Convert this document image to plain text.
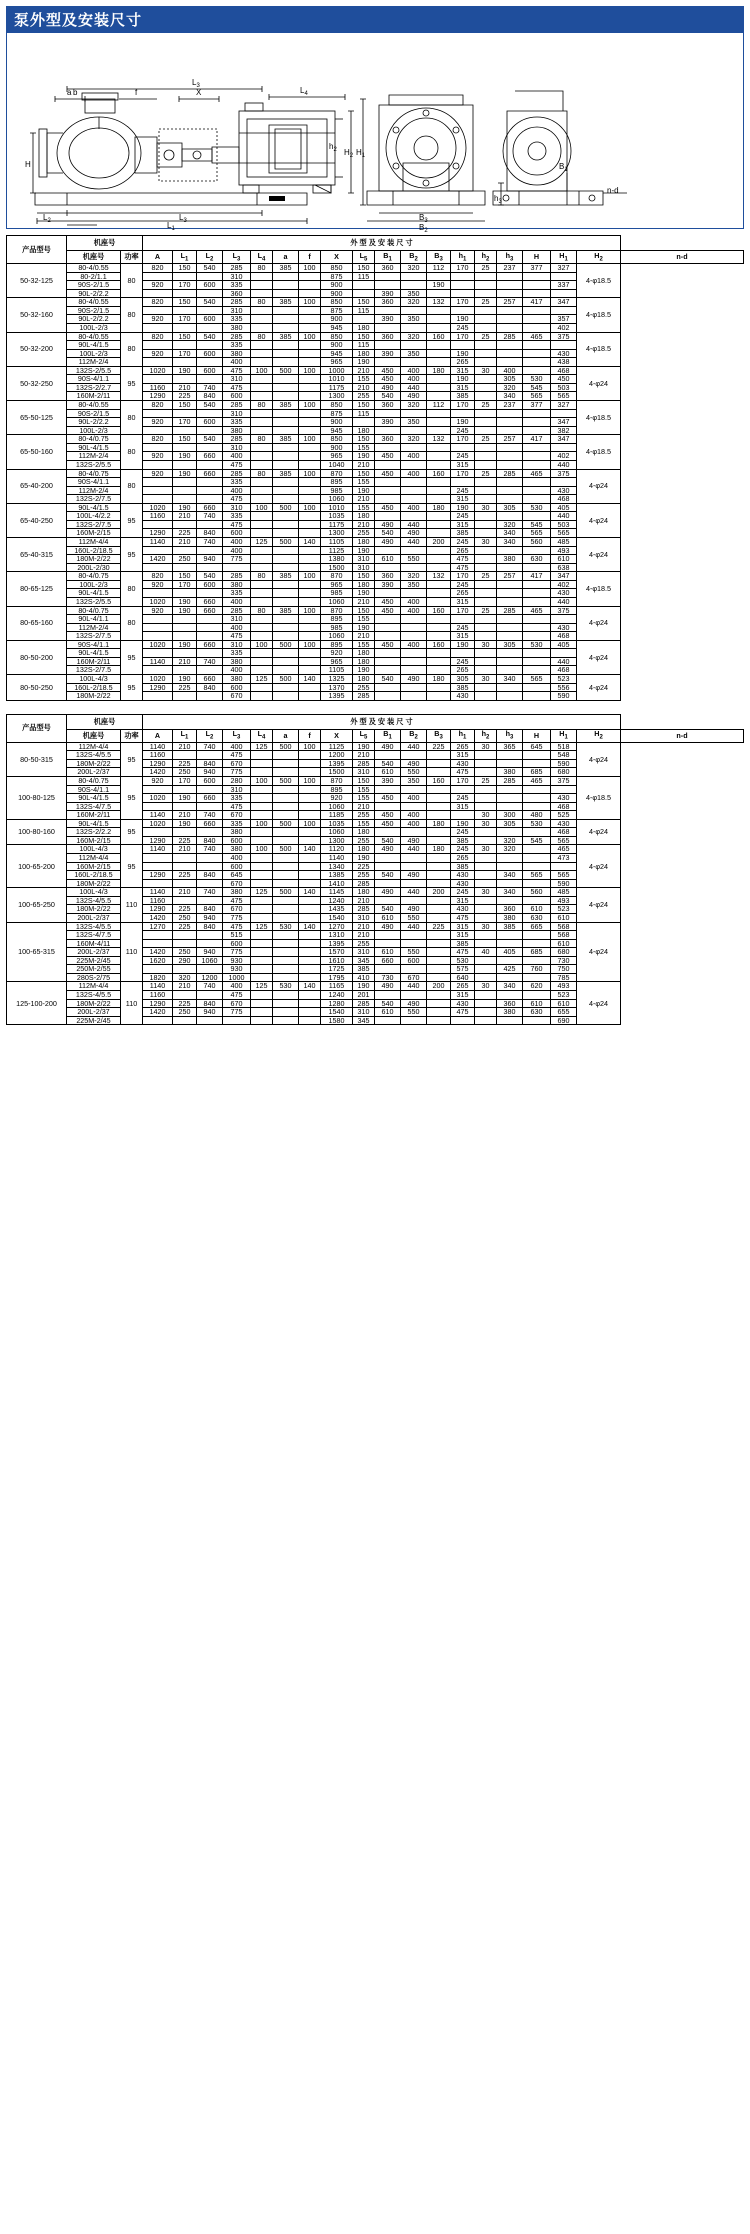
泵外型及安装尺寸
$L_3$	$L_4$
a	f	X
$H_2$ $H_1$
$h_2$
H
$L_2$	$L_3$
$L_1$
$B_1$
$h_3$
n-d
$B_3$
$B_2$
b
产品型号	机座号		外 型 及 安 装 尺 寸																		
	机座号	功率	A	$L_1$	$L_2$	$L_3$	$L_4$	a	f	X	$L_5$	$B_1$	$B_2$	$B_3$	$h_1$	$h_2$	$h_3$	H	$H_1$	$H_2$	n-d
50-32-125	80-4/0.55	80	820	150	540	285	80	385	100	850	150	360	320	112	170	25	237	377	327	4-φ18.5	
	80-2/1.1					310				875	115										
	90S-2/1.5		920	170	600	335				900				190					337		
	90L-2/2.2					360				900		390	350								
50-32-160	80-4/0.55	80	820	150	540	285	80	385	100	850	150	360	320	132	170	25	257	417	347	4-φ18.5	
	90S-2/1.5					310				875	115										
	90L-2/2.2		920	170	600	335				900		390	350		190				357		
	100L-2/3					380				945	180				245				402		
50-32-200	80-4/0.55	80	820	150	540	285	80	385	100	850	150	360	320	160	170	25	285	465	375	4-φ18.5	
	90L-4/1.5					335				900	115										
	100L-2/3		920	170	600	380				945	180	390	350		190				430		
	112M-2/4					400				965	190				265				438		
50-32-250	132S-2/5.5	95	1020	190	600	475	100	500	100	1000	210	450	400	180	315	30	400		468	4-φ24	
	90S-4/1.1					310				1010	155	450	400		190		305	530	450		
	132S-2/2.7		1160	210	740	475				1175	210	490	440		315		320	545	503		
	160M-2/11		1290	225	840	600				1300	255	540	490		385		340	565	565		
65-50-125	80-4/0.55	80	820	150	540	285	80	385	100	850	150	360	320	112	170	25	237	377	327	4-φ18.5	
	90S-2/1.5					310				875	115										
	90L-2/2.2		920	170	600	335				900		390	350		190				347		
	100L-2/3					380				945	180				245				382		
65-50-160	80-4/0.75	80	820	150	540	285	80	385	100	850	150	360	320	132	170	25	257	417	347	4-φ18.5	
	90L-4/1.5					310				900	155										
	112M-2/4		920	190	660	400				965	190	450	400		245				402		
	132S-2/5.5					475				1040	210				315				440		
65-40-200	80-4/0.75	80	920	190	660	285	80	385	100	870	150	450	400	160	170	25	285	465	375	4-φ24	
	90S-4/1.1					335				895	155										
	112M-2/4					400				985	190				245				430		
	132S-2/7.5					475				1060	210				315				468		
65-40-250	90L-4/1.5	95	1020	190	660	310	100	500	100	1010	155	450	400	180	190	30	305	530	405	4-φ24	
	100L-4/2.2		1160	210	740	335				1035	180				245				440		
	132S-2/7.5					475				1175	210	490	440		315		320	545	503		
	160M-2/15		1290	225	840	600				1300	255	540	490		385		340	565	565		
65-40-315	112M-4/4	95	1140	210	740	400	125	500	140	1105	180	490	440	200	245	30	340	560	485	4-φ24	
	160L-2/18.5					400				1125	190				265				493		
	180M-2/22		1420	250	940	775				1380	310	610	550		475		380	630	610		
	200L-2/30									1500	310				475				638		
80-65-125	80-4/0.75	80	820	150	540	285	80	385	100	870	150	360	320	132	170	25	257	417	347	4-φ18.5	
	100L-2/3		920	170	600	380				965	180	390	350		245				402		
	90L-4/1.5					335				985	190				265				430		
	132S-2/5.5		1020	190	660	400				1060	210	450	400		315				440		
80-65-160	80-4/0.75	80	920	190	660	285	80	385	100	870	150	450	400	160	170	25	285	465	375	4-φ24	
	90L-4/1.1					310				895	155										
	112M-2/4					400				985	190				245				430		
	132S-2/7.5					475				1060	210				315				468		
80-50-200	90S-4/1.1	95	1020	190	660	310	100	500	100	895	155	450	400	160	190	30	305	530	405	4-φ24	
	90L-4/1.5					335				920	180										
	160M-2/11		1140	210	740	380				965	180				245				440		
	132S-2/7.5					400				1105	190				265				468		
80-50-250	100L-4/3	95	1020	190	660	380	125	500	140	1325	180	540	490	180	305	30	340	565	523	4-φ24	
	160L-2/18.5		1290	225	840	600				1370	255				385				556		
	180M-2/22					670				1395	285				430				590		
产品型号	机座号		外 型 及 安 装 尺 寸																		
	机座号	功率	A	$L_1$	$L_2$	$L_3$	$L_4$	a	f	X	$L_5$	$B_1$	$B_2$	$B_3$	$h_1$	$h_2$	$h_3$	H	$H_1$	$H_2$	n-d
80-50-315	112M-4/4	95	1140	210	740	400	125	500	100	1125	190	490	440	225	265	30	365	645	518	4-φ24	
	132S-4/5.5		1160			475				1200	210				315				548		
	180M-2/22		1290	225	840	670				1395	285	540	490		430				590		
	200L-2/37		1420	250	940	775				1500	310	610	550		475		380	685	680		
100-80-125	80-4/0.75	95	920	170	600	280	100	500	100	870	150	390	350	160	170	25	285	465	375	4-φ18.5	
	90S-4/1.1					310				895	155										
	90L-4/1.5		1020	190	660	335				920	155	450	400		245				430		
	132S-4/7.5					475				1060	210				315				468		
	160M-2/11		1140	210	740	670				1185	255	450	400			30	300	480	525		
100-80-160	90L-4/1.5	95	1020	190	660	335	100	500	100	1035	155	450	400	180	190	30	305	530	430	4-φ24	
	132S-2/2.2					380				1060	180				245				468		
	160M-2/15		1290	225	840	600				1300	255	540	490		385		320	545	565		
100-65-200	100L-4/3	95	1140	210	740	380	100	500	140	1120	180	490	440	180	245	30	320		465	4-φ24	
	112M-4/4					400				1140	190				265				473		
	160M-2/15					600				1340	225				385						
	160L-2/18.5		1290	225	840	645				1385	255	540	490		430		340	565	565		
	180M-2/22					670				1410	285				430				590		
100-65-250	100L-4/3	110	1140	210	740	380	125	500	140	1145	180	490	440	200	245	30	340	560	485	4-φ24	
	132S-4/5.5		1160			475				1240	210				315				493		
	180M-2/22		1290	225	840	670				1435	285	540	490		430		360	610	523		
	200L-2/37		1420	250	940	775				1540	310	610	550		475		380	630	610		
100-65-315	132S-4/5.5	110	1270	225	840	475	125	530	140	1270	210	490	440	225	315	30	385	665	568	4-φ24	
	132S-4/7.5					515				1310	210				315				568		
	160M-4/11					600				1395	255				385				610		
	200L-2/37		1420	250	940	775				1570	310	610	550		475	40	405	685	680		
	225M-2/45		1620	290	1060	930				1610	345	660	600		530				730		
	250M-2/55					930				1725	385				575		425	760	750		
	280S-2/75		1820	320	1200	1000				1795	410	730	670		640				785		
125-100-200	112M-4/4	110	1140	210	740	400	125	530	140	1165	190	490	440	200	265	30	340	620	493	4-φ24	
	132S-4/5.5		1160			475				1240	201				315				523		
	180M-2/22		1290	225	840	670				1280	285	540	490		430		360	610	610		
	200L-2/37		1420	250	940	775				1540	310	610	550		475		380	630	655		
	225M-2/45									1580	345								690		
